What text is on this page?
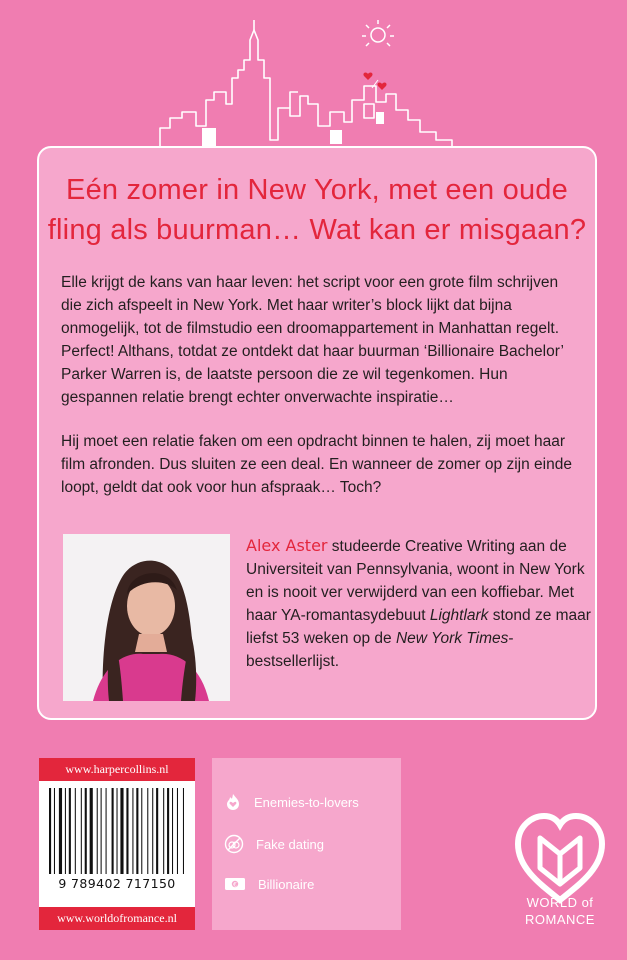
Eén zomer in New York, met een oude
fling als buurman… Wat kan er misgaan?

Elle krijgt de kans van haar leven: het script voor een grote film schrijven die zich afspeelt in New York. Met haar writer’s block lijkt dat bijna onmogelijk, tot de filmstudio een droomappartement in Manhattan regelt. Perfect! Althans, totdat ze ontdekt dat haar buurman ‘Billionaire Bachelor’ Parker Warren is, de laatste persoon die ze wil tegenkomen. Hun gespannen relatie brengt echter onverwachte inspiratie…

Hij moet een relatie faken om een opdracht binnen te halen, zij moet haar film afronden. Dus sluiten ze een deal. En wanneer de zomer op zijn einde loopt, geldt dat ook voor hun afspraak… Toch?

Alex Aster studeerde Creative Writing aan de Universiteit van Pennsylvania, woont in New York en is nooit ver verwijderd van een koffiebar. Met haar YA-romantasydebuut Lightlark stond ze maar liefst 53 weken op de New York Times-bestsellerlijst.
www.harpercollins.nl
9 789402 717150
www.worldofromance.nl
Enemies-to-lovers
Fake dating
€ Billionaire
WORLD of
ROMANCE
